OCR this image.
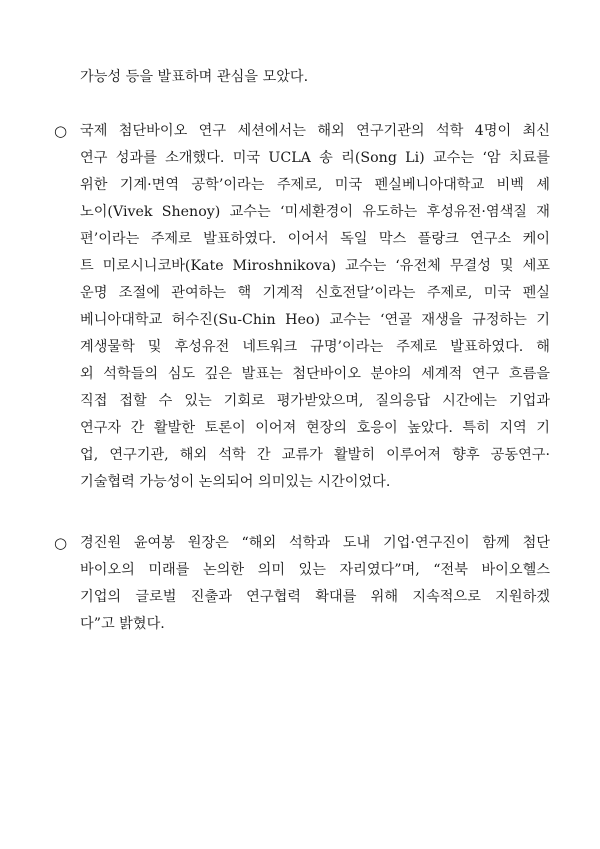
가능성 등을 발표하며 관심을 모았다.
○ 국제 첨단바이오 연구 세션에서는 해외 연구기관의 석학 4명이 최신
연구 성과를 소개했다. 미국 UCLA 송 리(Song Li) 교수는 ‘암 치료를
위한 기계·면역 공학’이라는 주제로, 미국 펜실베니아대학교 비벡 셰
노이(Vivek Shenoy) 교수는 ‘미세환경이 유도하는 후성유전·염색질 재
편’이라는 주제로 발표하였다. 이어서 독일 막스 플랑크 연구소 케이
트 미로시니코바(Kate Miroshnikova) 교수는 ‘유전체 무결성 및 세포
운명 조절에 관여하는 핵 기계적 신호전달’이라는 주제로, 미국 펜실
베니아대학교 허수진(Su-Chin Heo) 교수는 ‘연골 재생을 규정하는 기
계생물학 및 후성유전 네트워크 규명’이라는 주제로 발표하였다. 해
외 석학들의 심도 깊은 발표는 첨단바이오 분야의 세계적 연구 흐름을
직접 접할 수 있는 기회로 평가받았으며, 질의응답 시간에는 기업과
연구자 간 활발한 토론이 이어져 현장의 호응이 높았다. 특히 지역 기
업, 연구기관, 해외 석학 간 교류가 활발히 이루어져 향후 공동연구·
기술협력 가능성이 논의되어 의미있는 시간이었다.
○ 경진원 윤여봉 원장은 “해외 석학과 도내 기업·연구진이 함께 첨단
바이오의 미래를 논의한 의미 있는 자리였다”며, “전북 바이오헬스
기업의 글로벌 진출과 연구협력 확대를 위해 지속적으로 지원하겠
다”고 밝혔다.
